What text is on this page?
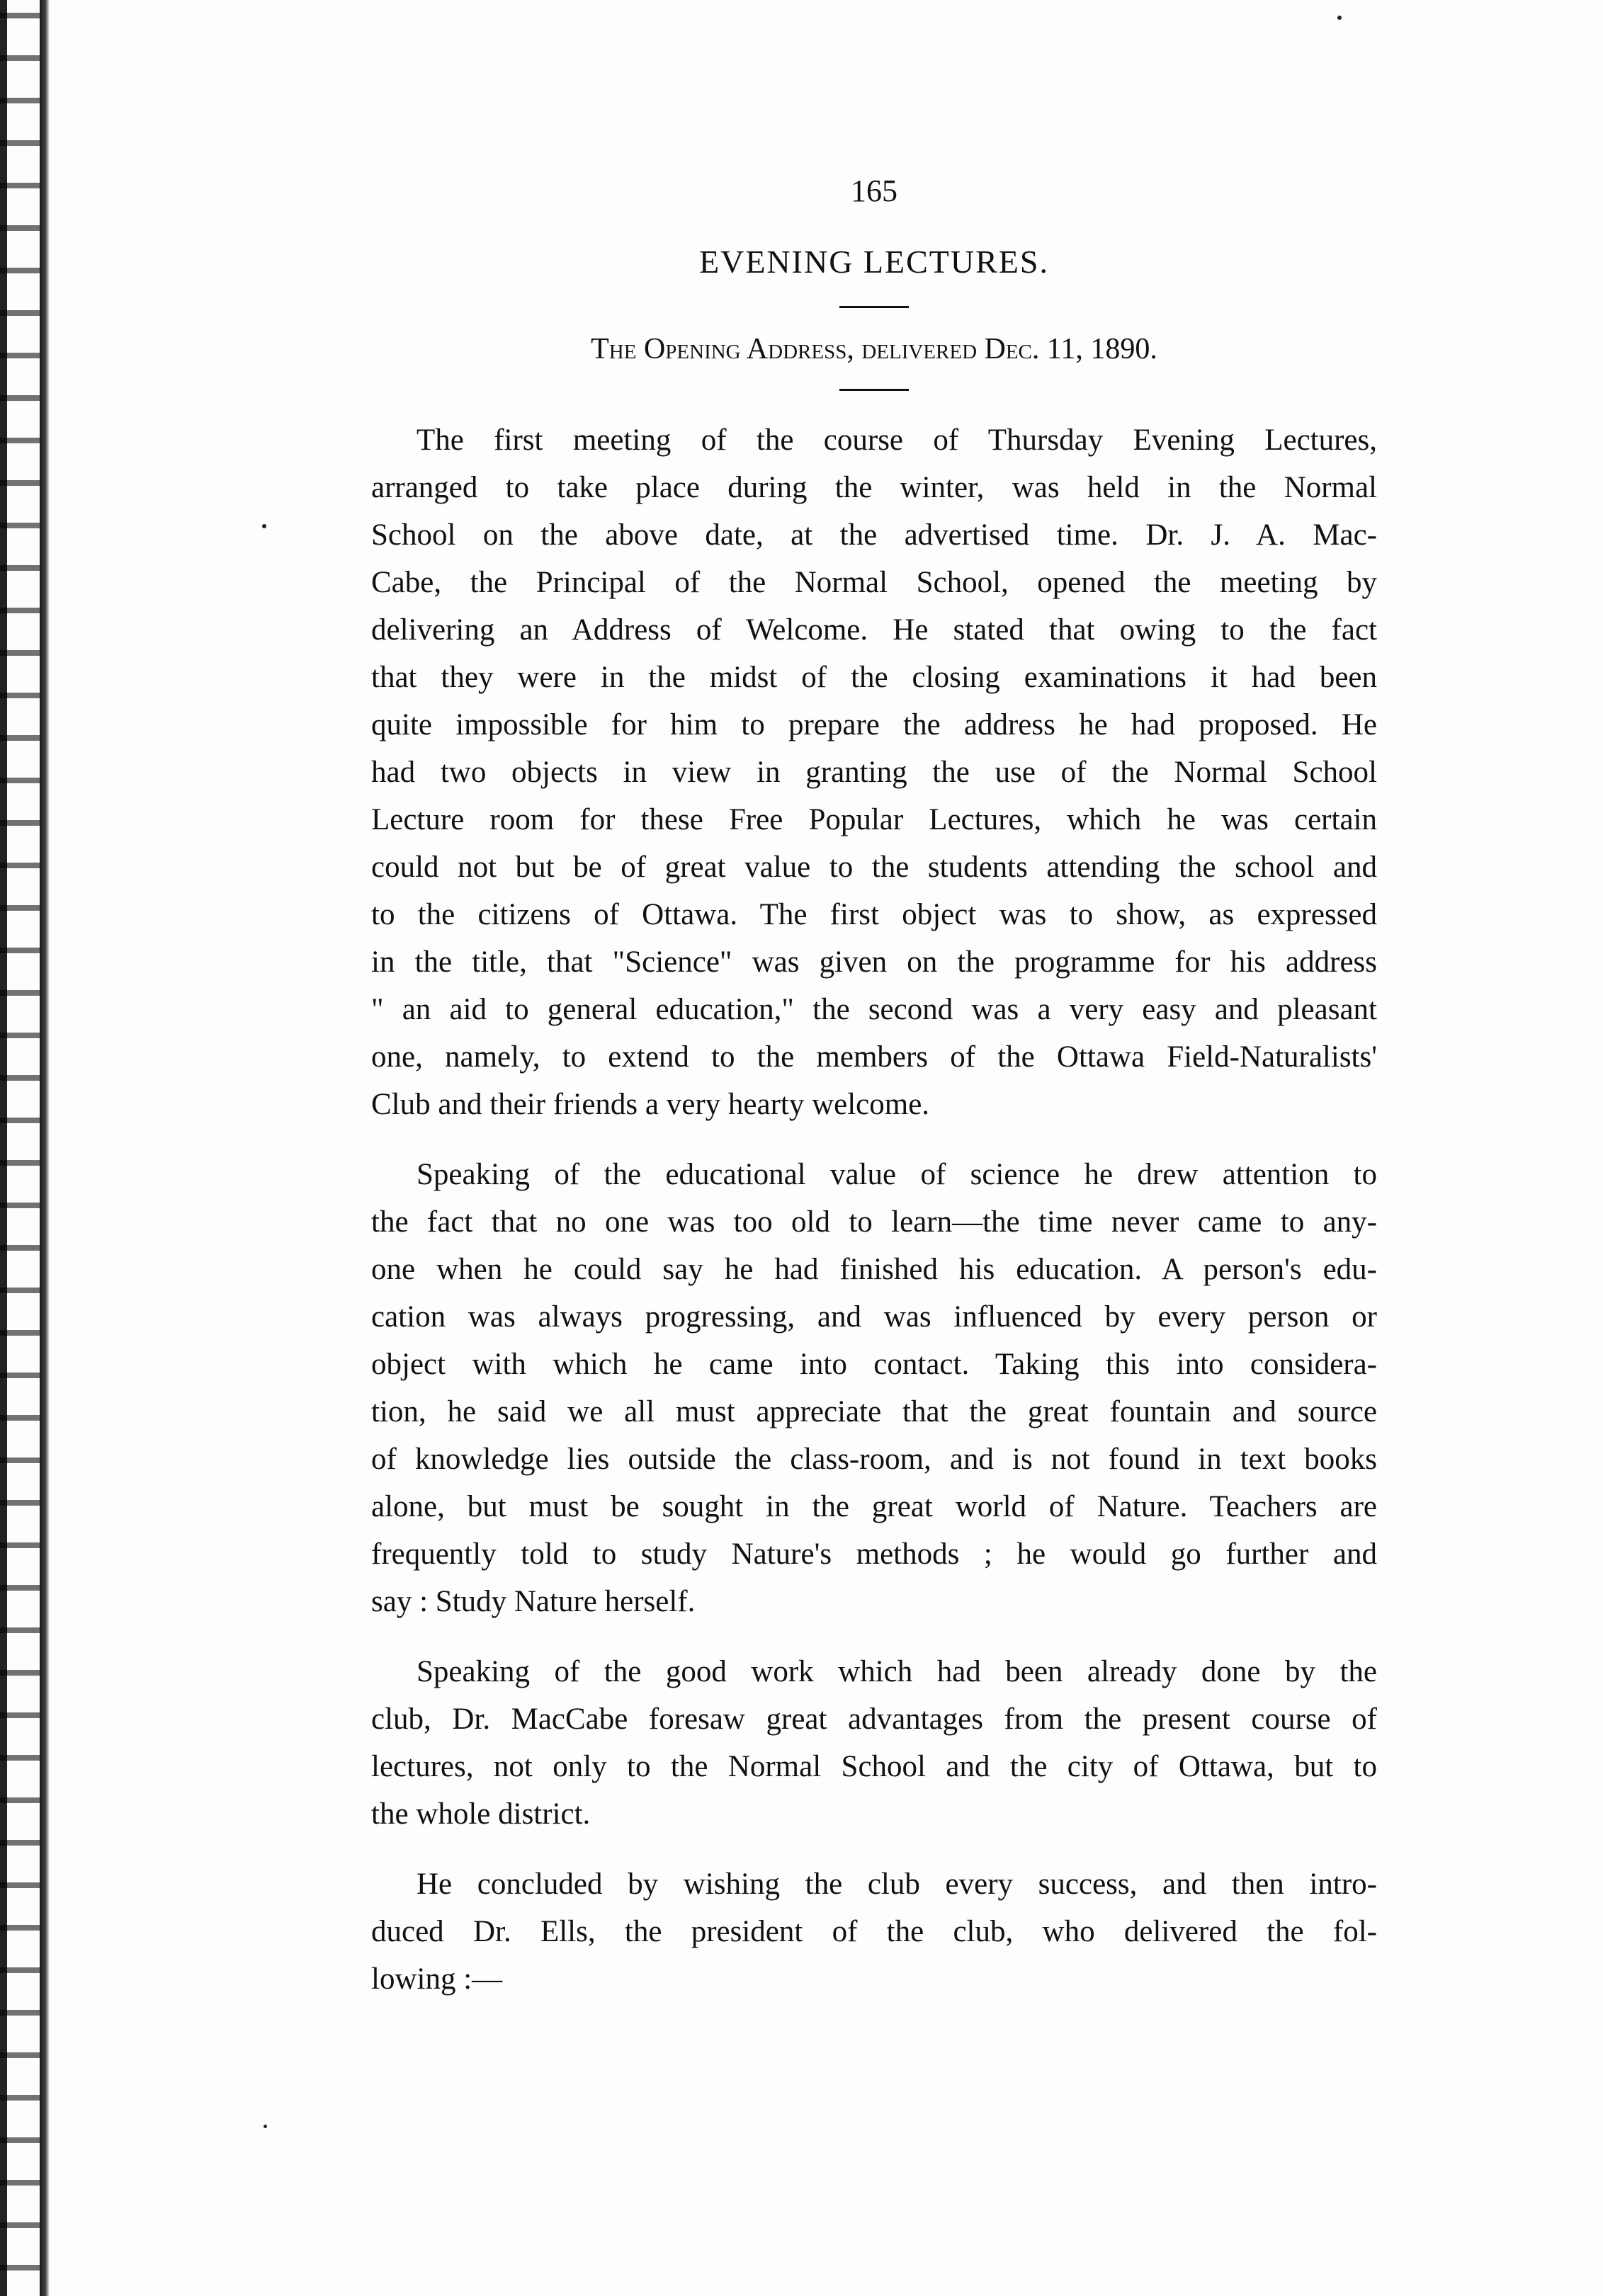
165
EVENING LECTURES.
The Opening Address, delivered Dec. 11, 1890.
The first meeting of the course of Thursday Evening Lectures,
arranged to take place during the winter, was held in the Normal
School on the above date, at the advertised time. Dr. J. A. Mac-
Cabe, the Principal of the Normal School, opened the meeting by
delivering an Address of Welcome. He stated that owing to the fact
that they were in the midst of the closing examinations it had been
quite impossible for him to prepare the address he had proposed. He
had two objects in view in granting the use of the Normal School
Lecture room for these Free Popular Lectures, which he was certain
could not but be of great value to the students attending the school and
to the citizens of Ottawa. The first object was to show, as expressed
in the title, that "Science" was given on the programme for his address
" an aid to general education," the second was a very easy and pleasant
one, namely, to extend to the members of the Ottawa Field-Naturalists'
Club and their friends a very hearty welcome.
Speaking of the educational value of science he drew attention to
the fact that no one was too old to learn—the time never came to any-
one when he could say he had finished his education. A person's edu-
cation was always progressing, and was influenced by every person or
object with which he came into contact. Taking this into considera-
tion, he said we all must appreciate that the great fountain and source
of knowledge lies outside the class-room, and is not found in text books
alone, but must be sought in the great world of Nature. Teachers are
frequently told to study Nature's methods ; he would go further and
say : Study Nature herself.
Speaking of the good work which had been already done by the
club, Dr. MacCabe foresaw great advantages from the present course of
lectures, not only to the Normal School and the city of Ottawa, but to
the whole district.
He concluded by wishing the club every success, and then intro-
duced Dr. Ells, the president of the club, who delivered the fol-
lowing :—
